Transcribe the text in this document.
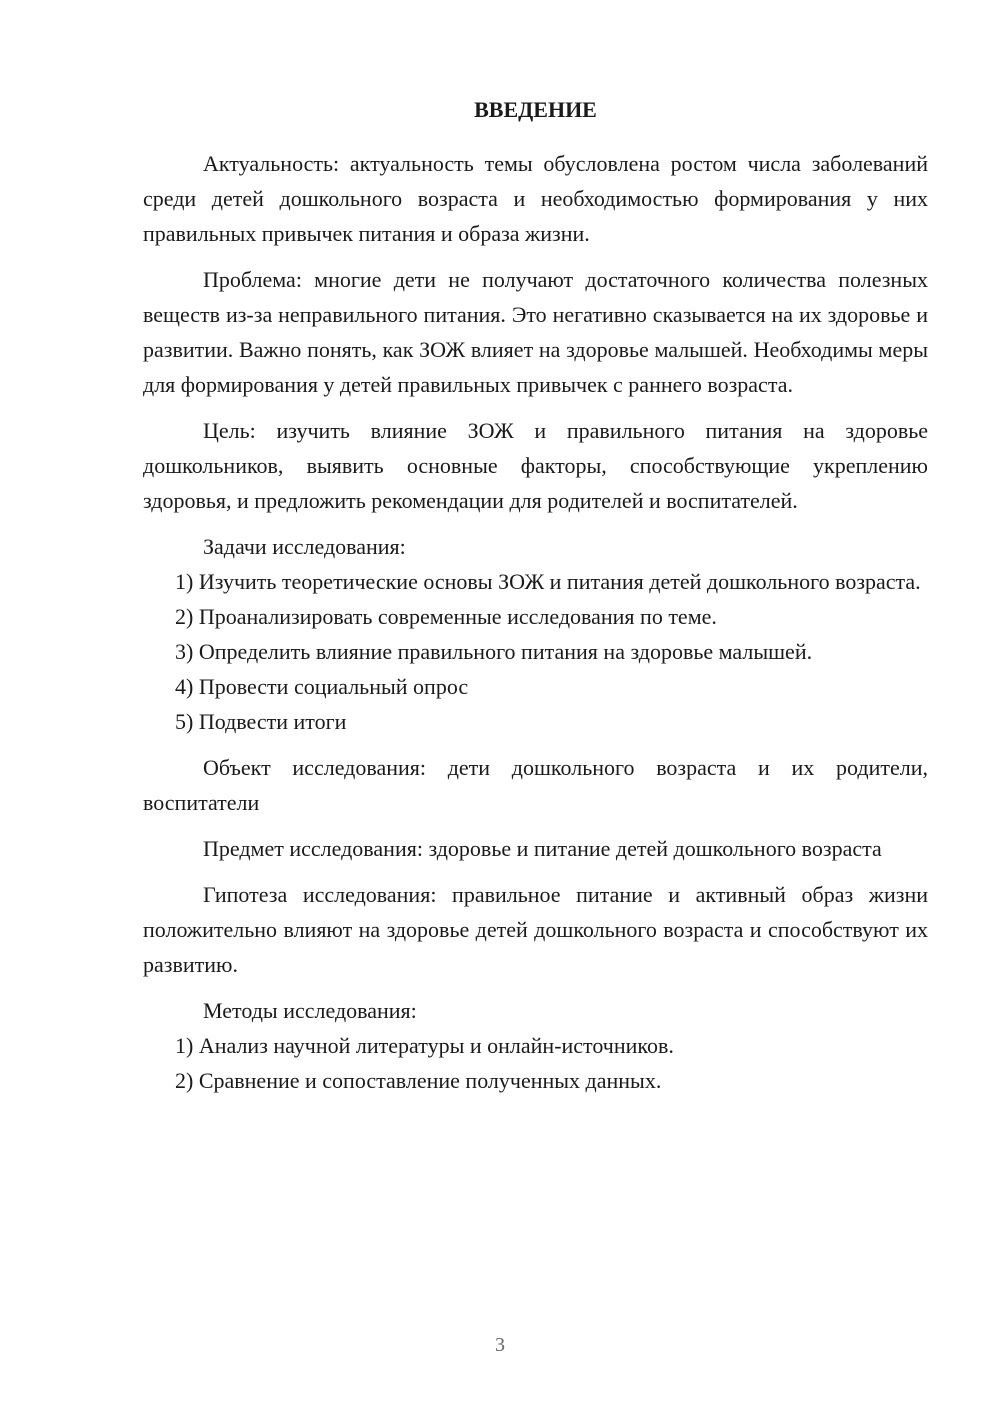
ВВЕДЕНИЕ

Актуальность: актуальность темы обусловлена ростом числа заболеваний среди детей дошкольного возраста и необходимостью формирования у них правильных привычек питания и образа жизни.

Проблема: многие дети не получают достаточного количества полезных веществ из-за неправильного питания. Это негативно сказывается на их здоровье и развитии. Важно понять, как ЗОЖ влияет на здоровье малышей. Необходимы меры для формирования у детей правильных привычек с раннего возраста.

Цель: изучить влияние ЗОЖ и правильного питания на здоровье дошкольников, выявить основные факторы, способствующие укреплению здоровья, и предложить рекомендации для родителей и воспитателей.

Задачи исследования:

1) Изучить теоретические основы ЗОЖ и питания детей дошкольного возраста.

2) Проанализировать современные исследования по теме.

3) Определить влияние правильного питания на здоровье малышей.

4) Провести социальный опрос

5) Подвести итоги

Объект исследования: дети дошкольного возраста и их родители, воспитатели

Предмет исследования: здоровье и питание детей дошкольного возраста

Гипотеза исследования: правильное питание и активный образ жизни положительно влияют на здоровье детей дошкольного возраста и способствуют их развитию.

Методы исследования:

1) Анализ научной литературы и онлайн-источников.

2) Сравнение и сопоставление полученных данных.

3
